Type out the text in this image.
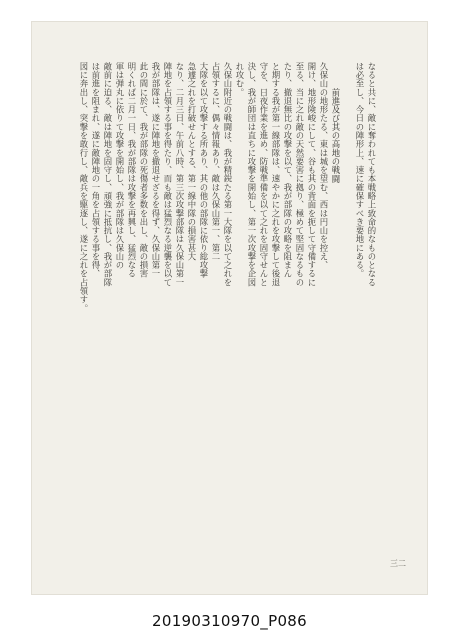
なると共に、敵に奪われても本戦略上致命的なものとなる
は必至し、今日の陣形上、速に確保すべき要地にある。
前進及び其の高地の戦闘
久保山の地形たる、東は城を望む、西は円山を控え、
開け、地形険峻にして、谷も其の背面を扼して守備するに
至る、当に之れ敵の天然要害に拠り、極めて堅固なるもの
たり、撤退無比の攻撃を以て、我が部隊の攻略を阻まん
と期する我が第一線部隊は、速やかに之れを攻撃して後退
守を、日夜作業を進め、防戦準備を以て之れを固守せんと
決し、我が師団は直ちに攻撃を開始し、第一次攻撃を企図
れ攻む。
久保山附近の戦闘は、我が精鋭たる第一大隊を以て之れを
占領するに、偶々情報あり、敵は久保山第一、第二
大隊を以て攻撃する所あり、其の他の部隊に依り総攻撃
急遽之れを打破せんとする、第一線中隊の損害甚大
なり、二月三日、午前八時、第三次攻撃部隊は久保山第一
陣地を占領する事を得たり、而も敵は猛烈なる逆襲を以て
我が部隊は、遂に陣地を撤退せざるを得ず、久保山第一
此の間に於て、我が部隊の死傷者多数を出し、敵の損害
明くれば二月一日、我が部隊は攻撃を再興し、猛烈なる
軍は弾丸に依りて攻撃を開始し、我が部隊は久保山の
敵前に迫る、敵は陣地を固守し、頑強に抵抗し、我が部隊
は前進を阻まれ、遂に敵陣地の一角を占領する事を得、
図に奔出し、突撃を敢行し、敵兵を駆逐し、遂に之れを占領す。
三二
20190310970_P086
